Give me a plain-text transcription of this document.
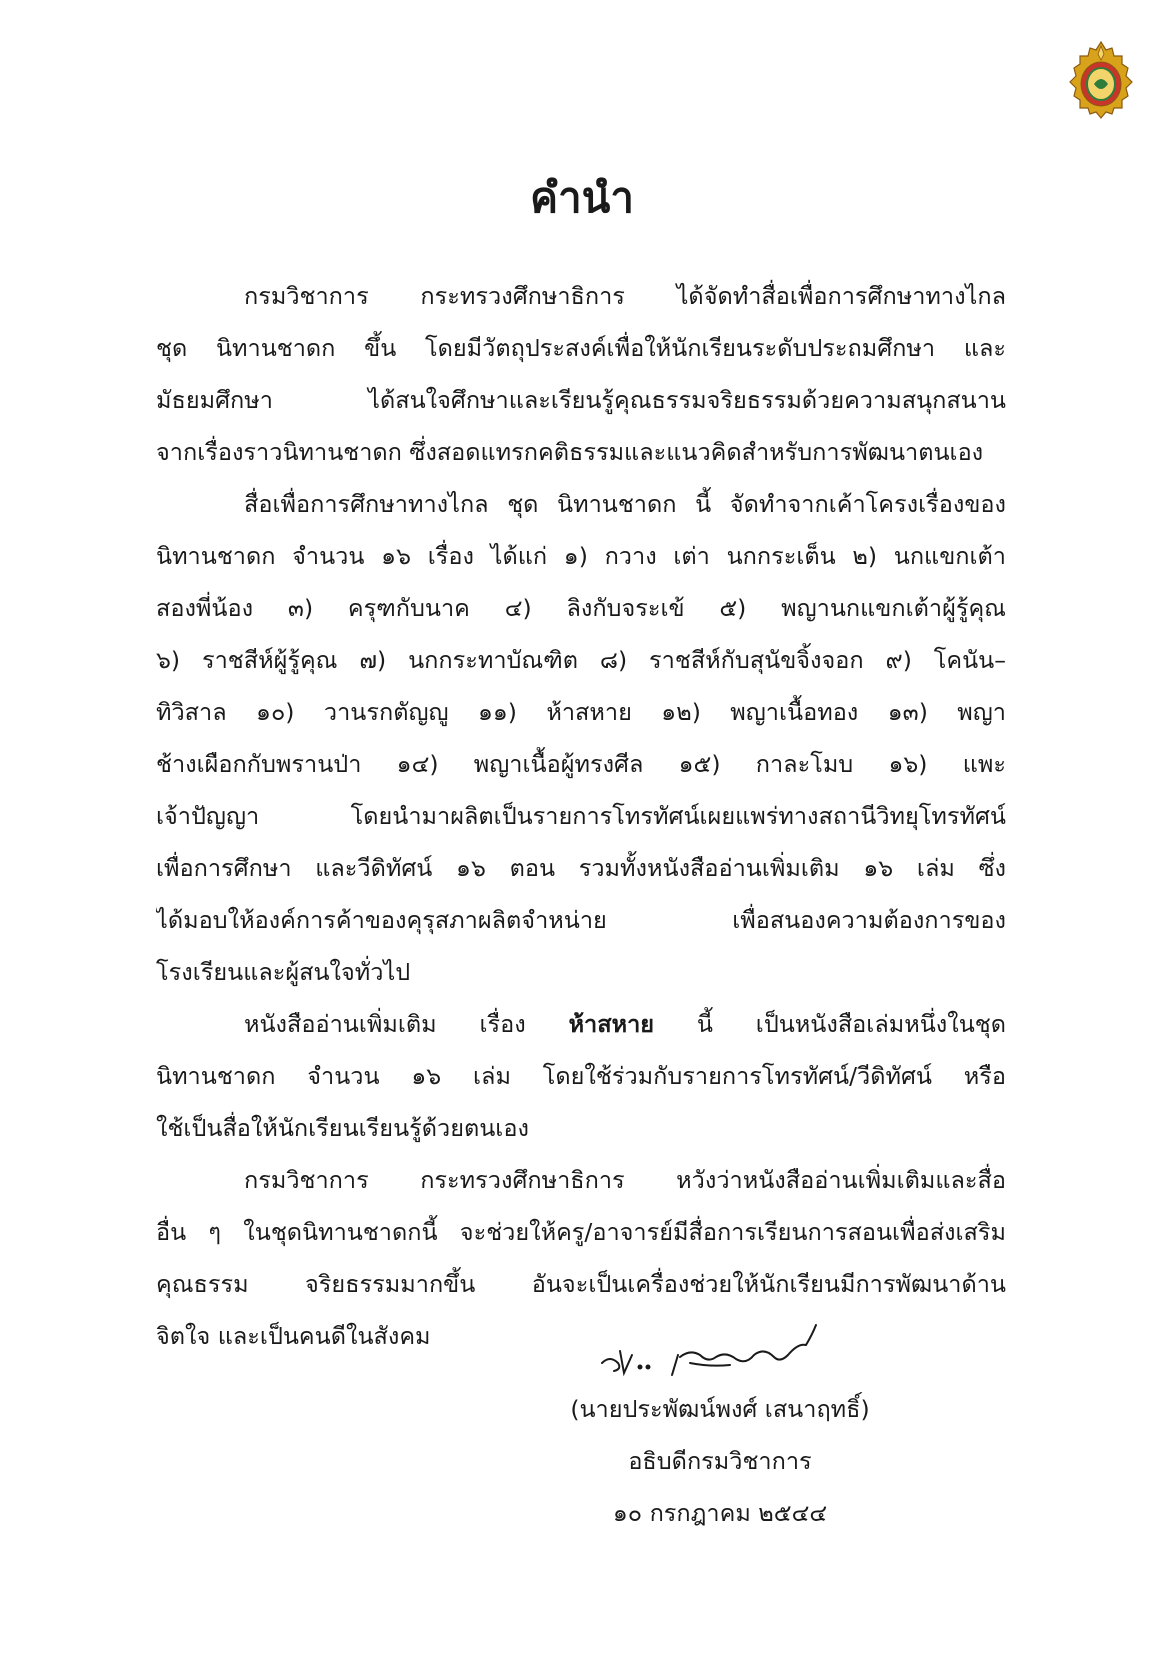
คำนำ
กรมวิชาการ กระทรวงศึกษาธิการ ได้จัดทำสื่อเพื่อการศึกษาทางไกล
ชุด นิทานชาดก ขึ้น โดยมีวัตถุประสงค์เพื่อให้นักเรียนระดับประถมศึกษา และ
มัธยมศึกษา ได้สนใจศึกษาและเรียนรู้คุณธรรมจริยธรรมด้วยความสนุกสนาน
จากเรื่องราวนิทานชาดก ซึ่งสอดแทรกคติธรรมและแนวคิดสำหรับการพัฒนาตนเอง
สื่อเพื่อการศึกษาทางไกล ชุด นิทานชาดก นี้ จัดทำจากเค้าโครงเรื่องของ
นิทานชาดก จำนวน ๑๖ เรื่อง ได้แก่ ๑) กวาง เต่า นกกระเต็น ๒) นกแขกเต้า
สองพี่น้อง ๓) ครุฑกับนาค ๔) ลิงกับจระเข้ ๕) พญานกแขกเต้าผู้รู้คุณ
๖) ราชสีห์ผู้รู้คุณ ๗) นกกระทาบัณฑิต ๘) ราชสีห์กับสุนัขจิ้งจอก ๙) โคนัน–
ทิวิสาล ๑๐) วานรกตัญญู ๑๑) ห้าสหาย ๑๒) พญาเนื้อทอง ๑๓) พญา
ช้างเผือกกับพรานป่า ๑๔) พญาเนื้อผู้ทรงศีล ๑๕) กาละโมบ ๑๖) แพะ
เจ้าปัญญา โดยนำมาผลิตเป็นรายการโทรทัศน์เผยแพร่ทางสถานีวิทยุโทรทัศน์
เพื่อการศึกษา และวีดิทัศน์ ๑๖ ตอน รวมทั้งหนังสืออ่านเพิ่มเติม ๑๖ เล่ม ซึ่ง
ได้มอบให้องค์การค้าของคุรุสภาผลิตจำหน่าย เพื่อสนองความต้องการของ
โรงเรียนและผู้สนใจทั่วไป
หนังสืออ่านเพิ่มเติม เรื่อง ห้าสหาย นี้ เป็นหนังสือเล่มหนึ่งในชุด
นิทานชาดก จำนวน ๑๖ เล่ม โดยใช้ร่วมกับรายการโทรทัศน์/วีดิทัศน์ หรือ
ใช้เป็นสื่อให้นักเรียนเรียนรู้ด้วยตนเอง
กรมวิชาการ กระทรวงศึกษาธิการ หวังว่าหนังสืออ่านเพิ่มเติมและสื่อ
อื่น ๆ ในชุดนิทานชาดกนี้ จะช่วยให้ครู/อาจารย์มีสื่อการเรียนการสอนเพื่อส่งเสริม
คุณธรรม จริยธรรมมากขึ้น อันจะเป็นเครื่องช่วยให้นักเรียนมีการพัฒนาด้าน
จิตใจ และเป็นคนดีในสังคม
(นายประพัฒน์พงศ์ เสนาฤทธิ์)
อธิบดีกรมวิชาการ
๑๐ กรกฎาคม ๒๕๔๔
